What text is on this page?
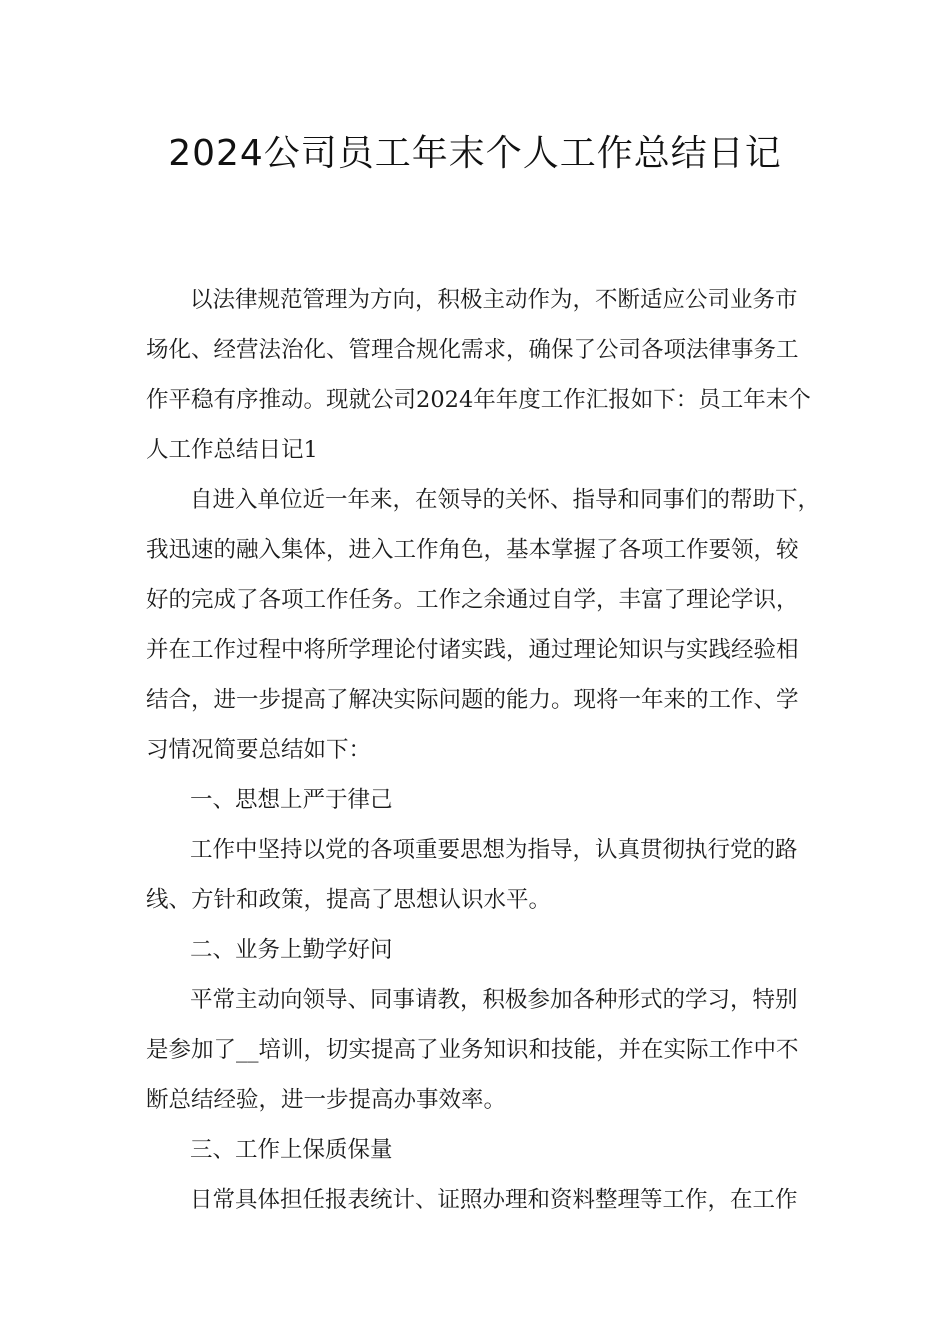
2024公司员工年末个人工作总结日记
以法律规范管理为方向，积极主动作为，不断适应公司业务市
场化、经营法治化、管理合规化需求，确保了公司各项法律事务工
作平稳有序推动。现就公司2024年年度工作汇报如下：员工年末个
人工作总结日记1
自进入单位近一年来，在领导的关怀、指导和同事们的帮助下，
我迅速的融入集体，进入工作角色，基本掌握了各项工作要领，较
好的完成了各项工作任务。工作之余通过自学，丰富了理论学识，
并在工作过程中将所学理论付诸实践，通过理论知识与实践经验相
结合，进一步提高了解决实际问题的能力。现将一年来的工作、学
习情况简要总结如下：
一、思想上严于律己
工作中坚持以党的各项重要思想为指导，认真贯彻执行党的路
线、方针和政策，提高了思想认识水平。
二、业务上勤学好问
平常主动向领导、同事请教，积极参加各种形式的学习，特别
是参加了__培训，切实提高了业务知识和技能，并在实际工作中不
断总结经验，进一步提高办事效率。
三、工作上保质保量
日常具体担任报表统计、证照办理和资料整理等工作，在工作
